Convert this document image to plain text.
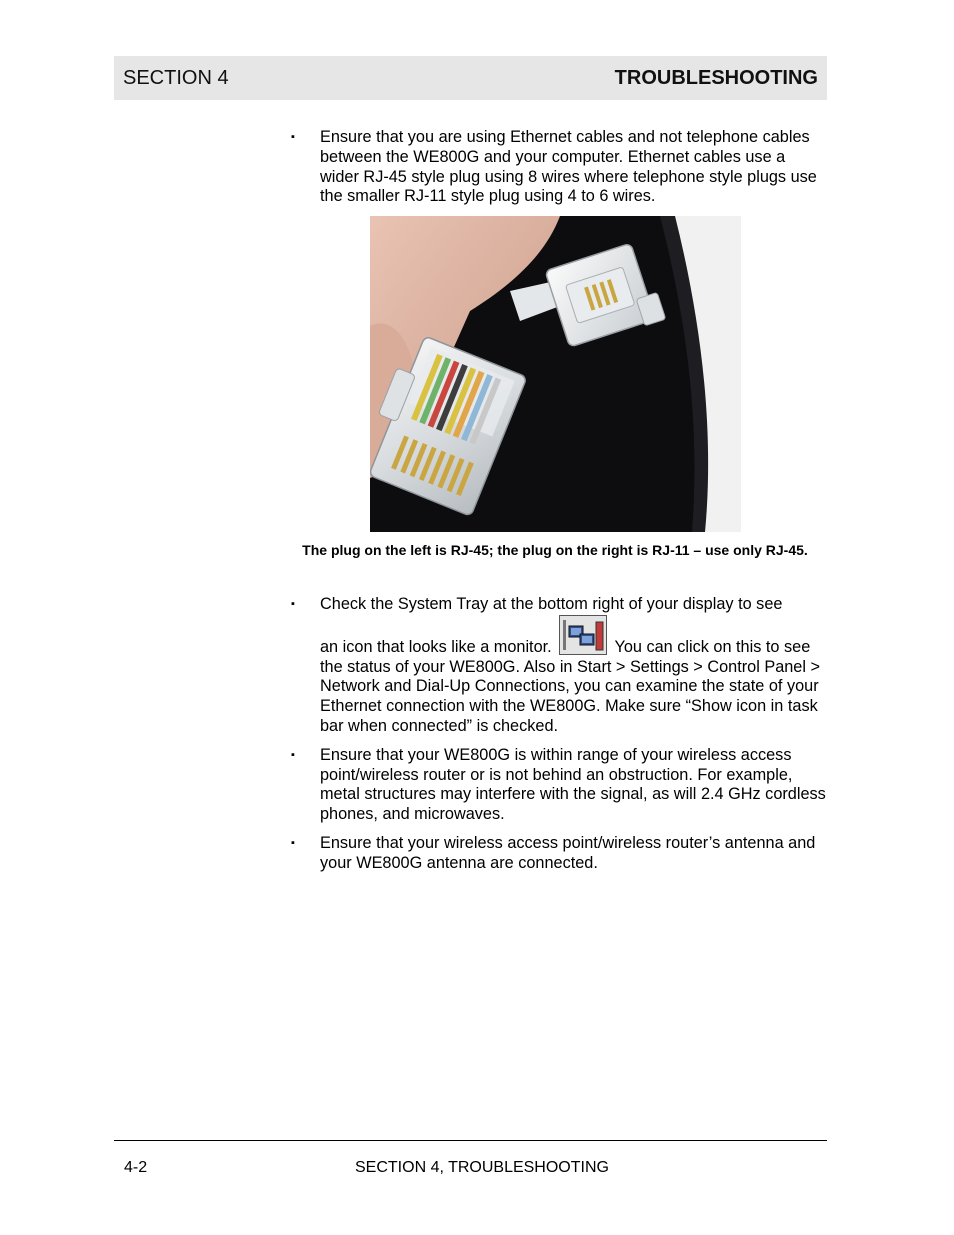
SECTION 4	TROUBLESHOOTING
▪	Ensure that you are using Ethernet cables and not telephone cables between the WE800G and your computer. Ethernet cables use a wider RJ-45 style plug using 8 wires where telephone style plugs use the smaller RJ-11 style plug using 4 to 6 wires.
The plug on the left is RJ-45; the plug on the right is RJ-11 – use only RJ-45.
▪	Check the System Tray at the bottom right of your display to see
an icon that looks like a monitor.	You can click on this to see the status of your WE800G. Also in Start > Settings > Control Panel > Network and Dial-Up Connections, you can examine the state of your Ethernet connection with the WE800G. Make sure “Show icon in task bar when connected” is checked.
▪	Ensure that your WE800G is within range of your wireless access point/wireless router or is not behind an obstruction. For example, metal structures may interfere with the signal, as will 2.4 GHz cordless phones, and microwaves.
▪	Ensure that your wireless access point/wireless router’s antenna and your WE800G antenna are connected.
4-2	SECTION 4, TROUBLESHOOTING
